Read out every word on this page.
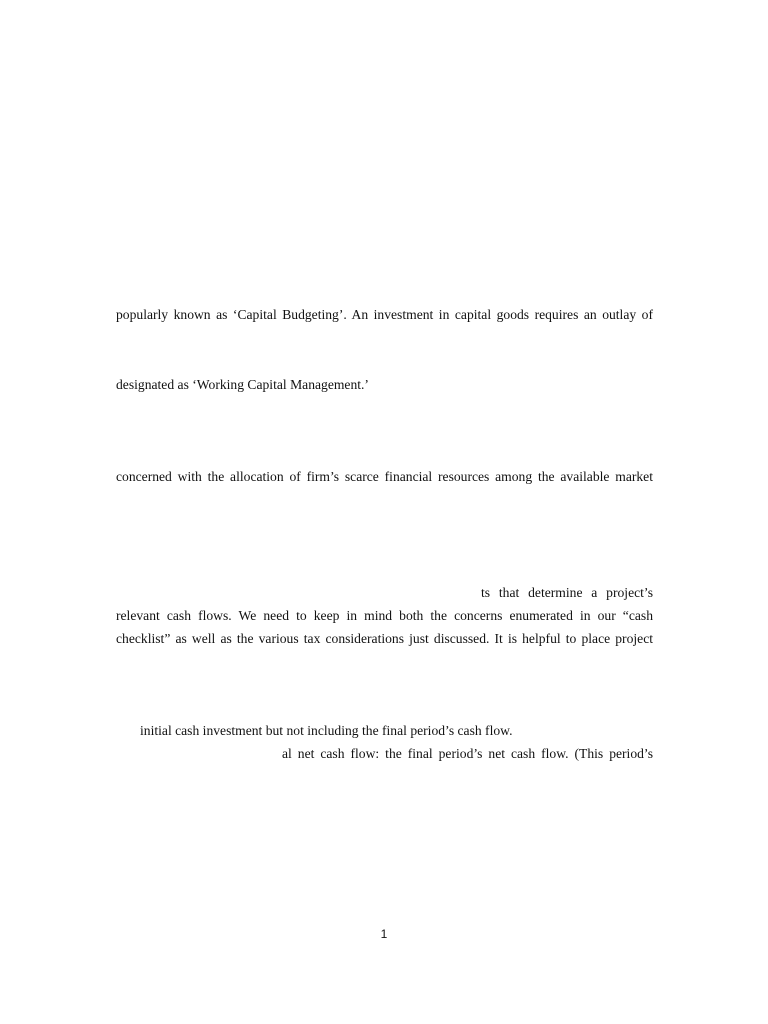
popularly known as ‘Capital Budgeting’. An investment in capital goods requires an outlay of
designated as ‘Working Capital Management.’
concerned with the allocation of firm’s scarce financial resources among the available market
ts that determine a project’s
relevant cash flows. We need to keep in mind both the concerns enumerated in our “cash
checklist” as well as the various tax considerations just discussed. It is helpful to place project
initial cash investment but not including the final period’s cash flow.
al net cash flow: the final period’s net cash flow. (This period’s
1
